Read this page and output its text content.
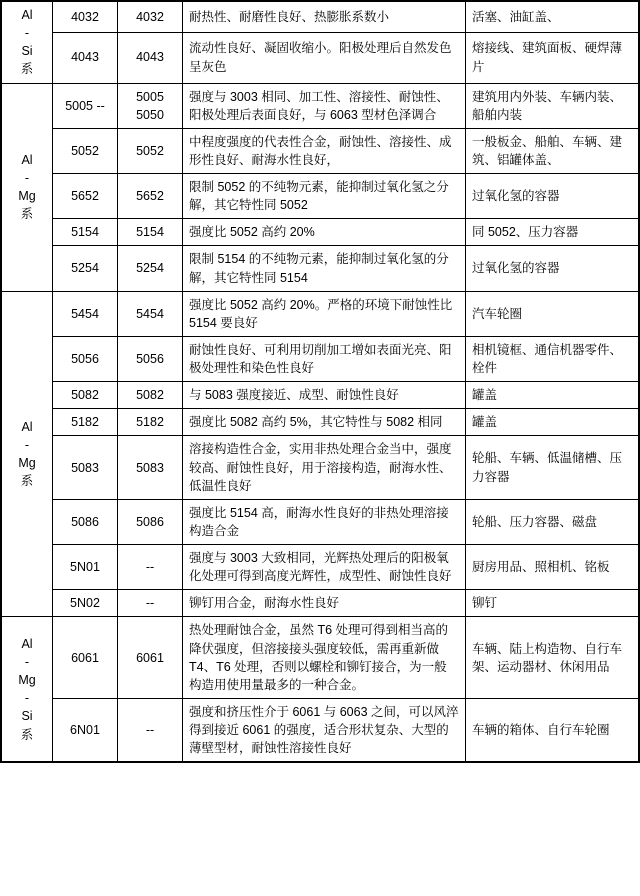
Al
-
Si
系	4032	4032	耐热性、耐磨性良好、热膨胀系数小	活塞、油缸盖、
	4043	4043	流动性良好、凝固收缩小。阳极处理后自然发色呈灰色	熔接线、建筑面板、硬焊薄片

Al
-
Mg
系	5005 --	5005 5050	强度与 3003 相同、加工性、溶接性、耐蚀性、阳极处理后表面良好，与 6063 型材色泽调合	建筑用内外装、车辆内装、船舶内装
	5052	5052	中程度强度的代表性合金，耐蚀性、溶接性、成形性良好、耐海水性良好，	一般板金、船舶、车辆、建筑、铝罐体盖、
	5652	5652	限制 5052 的不纯物元素，能抑制过氧化氢之分解，其它特性同 5052	过氧化氢的容器
	5154	5154	强度比 5052 高约 20%	同 5052、压力容器
	5254	5254	限制 5154 的不纯物元素，能抑制过氧化氢的分解，其它特性同 5154	过氧化氢的容器

Al
-
Mg
系	5454	5454	强度比 5052 高约 20%。严格的环境下耐蚀性比 5154 要良好	汽车轮圈
	5056	5056	耐蚀性良好、可利用切削加工增如表面光亮、阳极处理性和染色性良好	相机镜框、通信机器零件、栓件
	5082	5082	与 5083 强度接近、成型、耐蚀性良好	罐盖
	5182	5182	强度比 5082 高约 5%，其它特性与 5082 相同	罐盖
	5083	5083	溶接构造性合金，实用非热处理合金当中，强度较高、耐蚀性良好，用于溶接构造，耐海水性、低温性良好	轮船、车辆、低温储槽、压力容器
	5086	5086	强度比 5154 高，耐海水性良好的非热处理溶接构造合金	轮船、压力容器、磁盘
	5N01	--	强度与 3003 大致相同，光辉热处理后的阳极氧化处理可得到高度光辉性，成型性、耐蚀性良好	厨房用品、照相机、铭板
	5N02	--	铆钉用合金，耐海水性良好	铆钉

Al
-
Mg
-
Si
系
	6061	6061	热处理耐蚀合金，虽然 T6 处理可得到相当高的降伏强度，但溶接接头强度较低，需再重新做 T4、T6 处理，否则以螺栓和铆钉接合，为一般构造用使用量最多的一种合金。	车辆、陆上构造物、自行车架、运动器材、休闲用品
	6N01	--	强度和挤压性介于 6061 与 6063 之间，可以风淬得到接近 6061 的强度，适合形状复杂、大型的薄壁型材，耐蚀性溶接性良好	车辆的箱体、自行车轮圈
